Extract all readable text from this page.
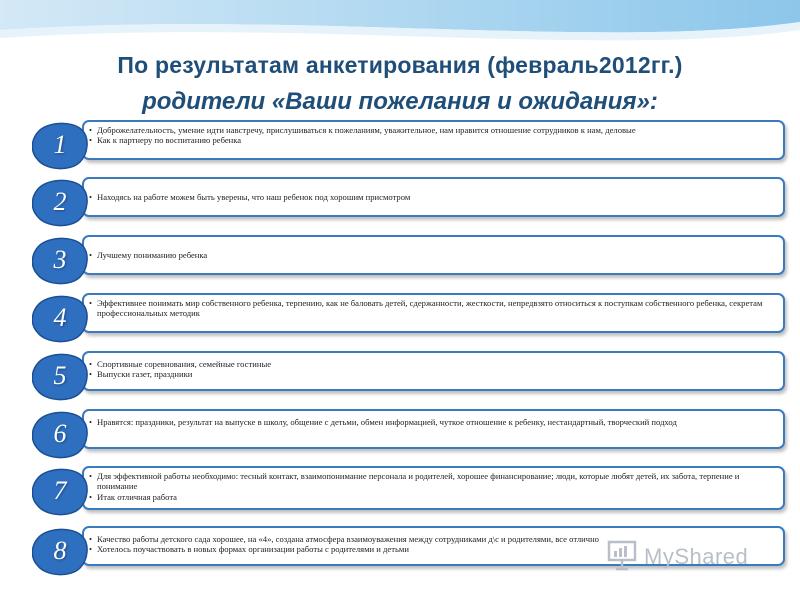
По результатам анкетирования (февраль2012гг.)
родители «Ваши пожелания и ожидания»:
• Доброжелательность, умение идти навстречу, прислушиваться к пожеланиям, уважительное, нам нравится отношение сотрудников к нам, деловые
• Как к партнеру по воспитанию ребенка
1
• Находясь на работе можем быть уверены, что наш ребенок под хорошим присмотром
2
• Лучшему пониманию ребенка
3
• Эффективнее понимать мир собственного ребенка, терпению, как не баловать детей, сдержанности, жесткости, непредвзято относиться к поступкам собственного ребенка, секретам профессиональных методик
4
• Спортивные соревнования, семейные гостиные
• Выпуски газет, праздники
5
• Нравятся: праздники, результат на выпуске в школу, общение с детьми, обмен информацией, чуткое отношение к ребенку, нестандартный, творческий подход
6
• Для эффективной работы необходимо: тесный контакт, взаимопонимание персонала и родителей, хорошее финансирование; люди, которые любят детей, их забота, терпение и понимание
• Итак отличная работа
7
• Качество работы детского сада хорошее, на «4», создана атмосфера взаимоуважения между сотрудниками д\с и родителями, все отлично
• Хотелось поучаствовать в новых формах организации работы с родителями и детьми
8	MyShared
